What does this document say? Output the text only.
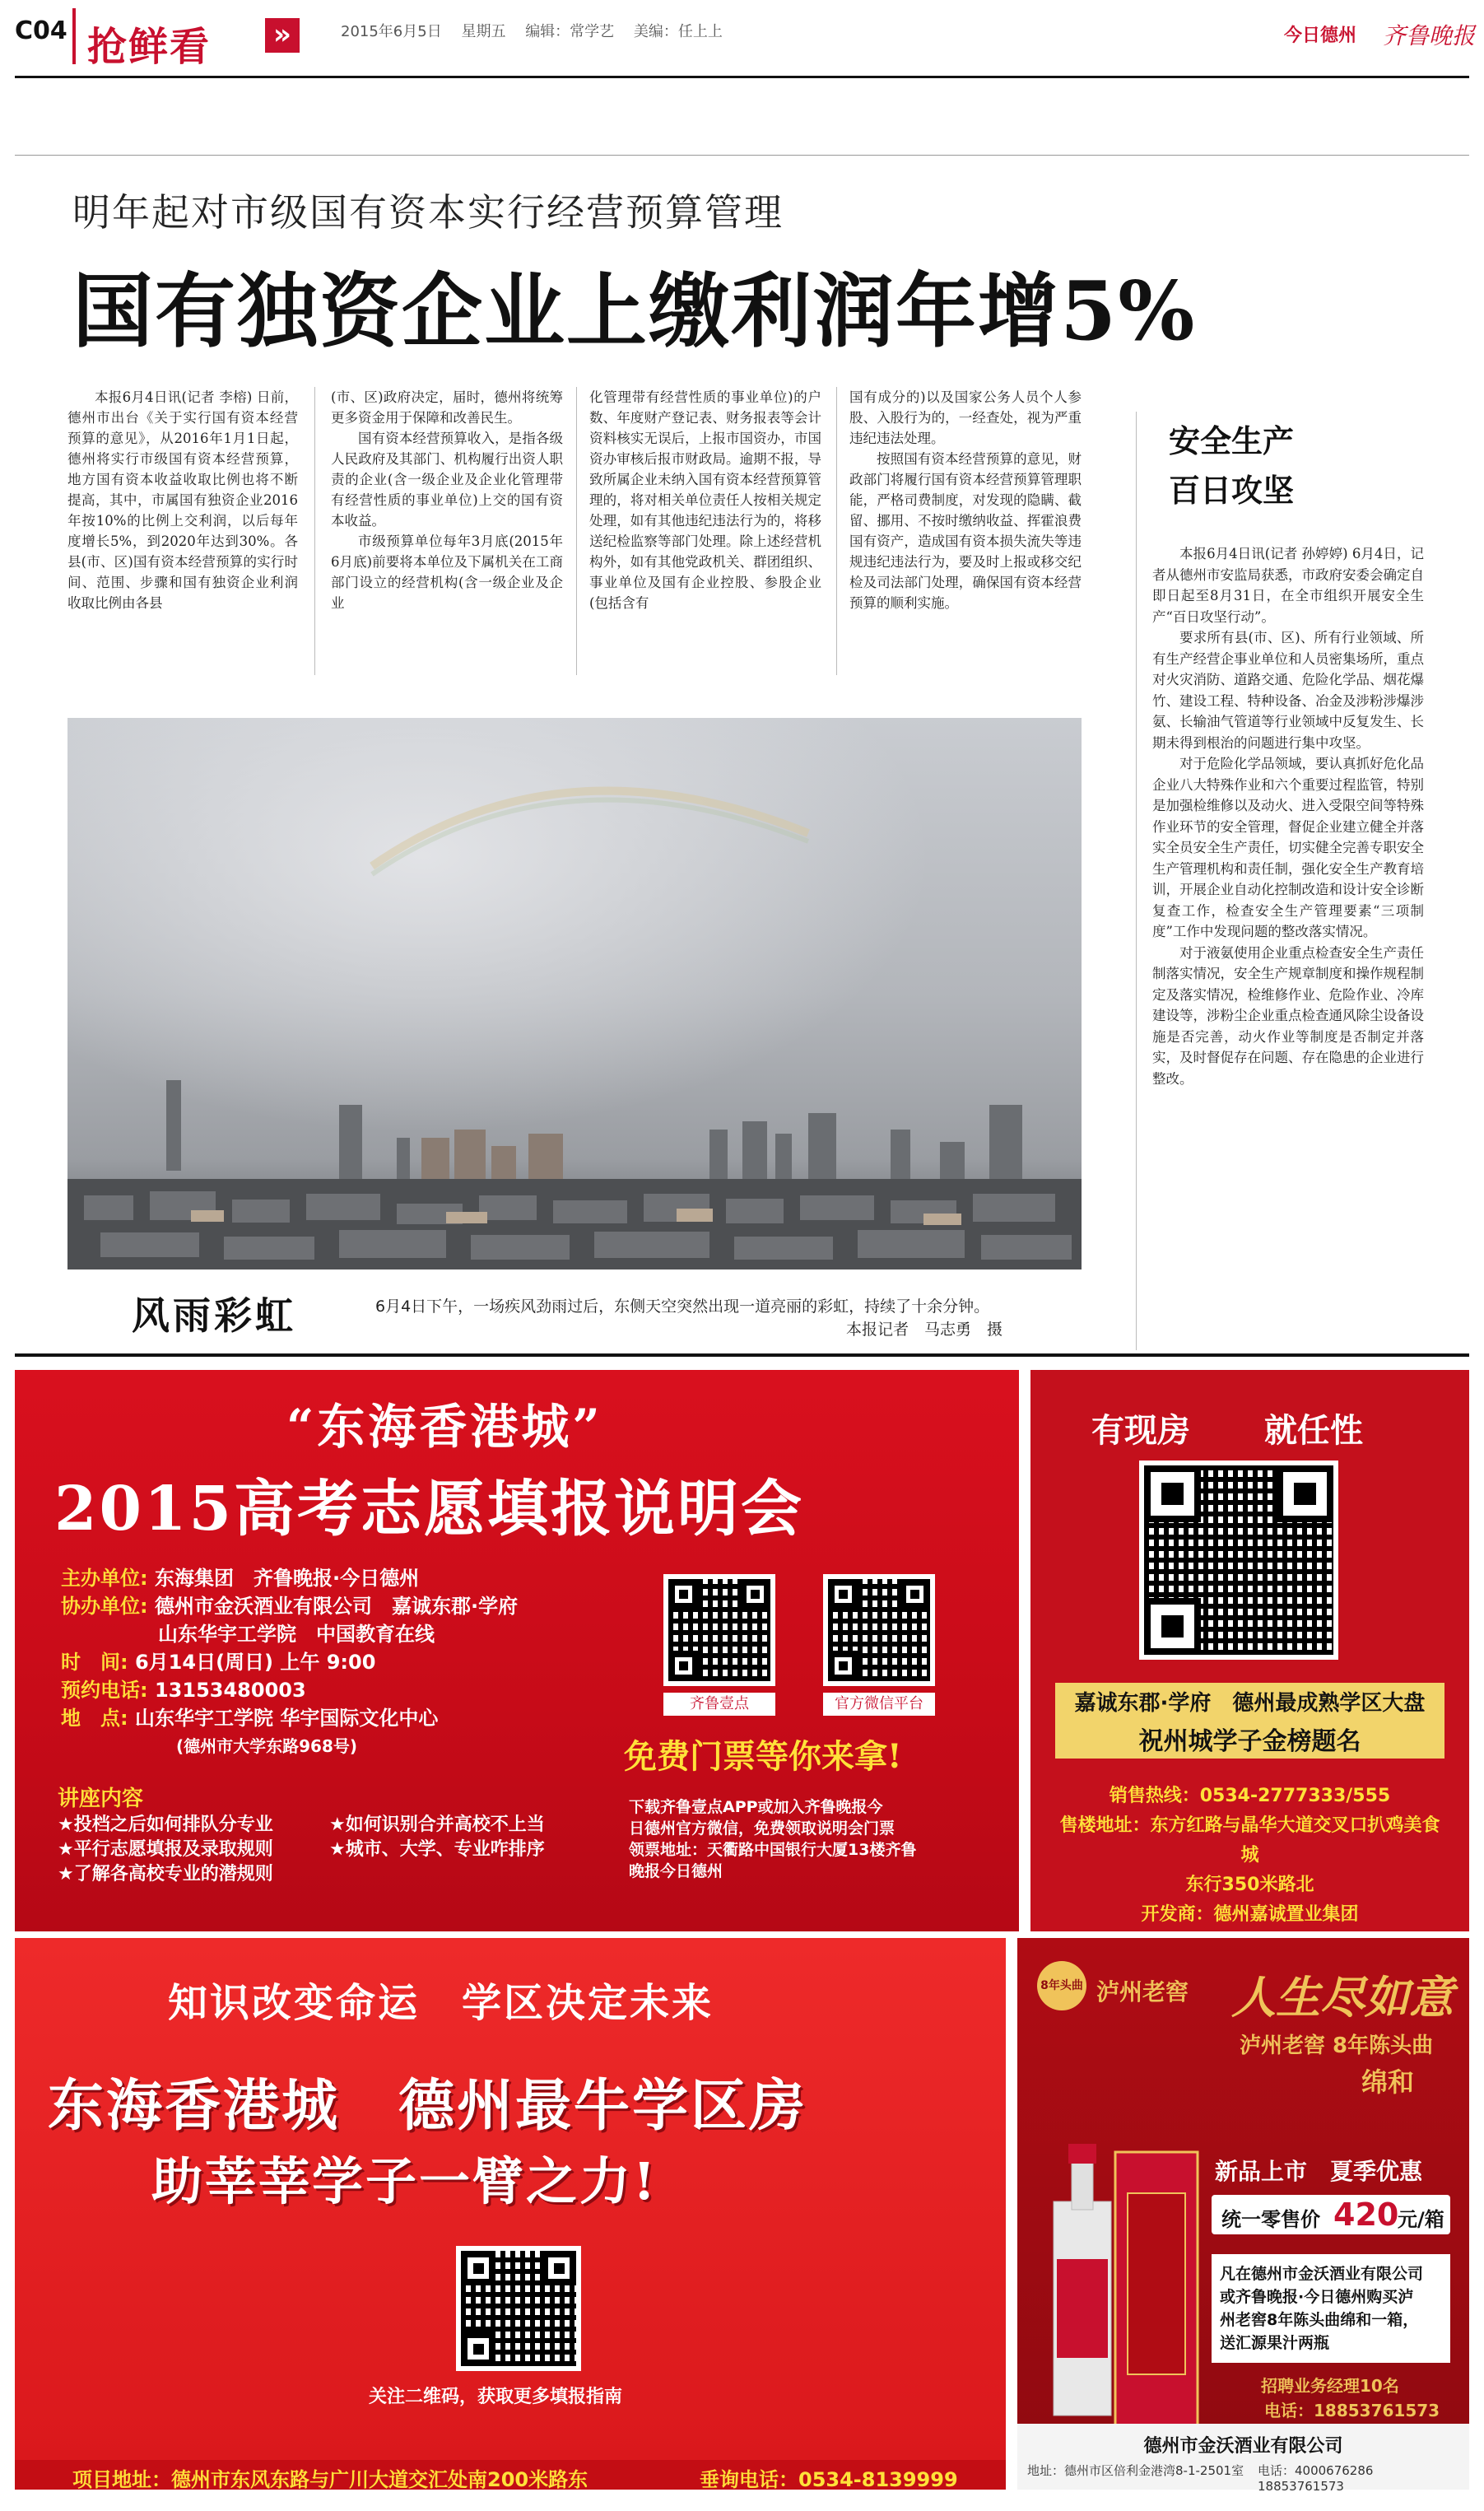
C04 抢鲜看 »	2015年6月5日 星期五 编辑：常学艺 美编：任上上	今日德州 齐鲁晚报
明年起对市级国有资本实行经营预算管理
国有独资企业上缴利润年增5%

本报6月4日讯(记者 李榕) 日前，德州市出台《关于实行国有资本经营预算的意见》，从2016年1月1日起，德州将实行市级国有资本经营预算，地方国有资本收益收取比例也将不断提高，其中，市属国有独资企业2016年按10%的比例上交利润，以后每年度增长5%，到2020年达到30%。各县(市、区)国有资本经营预算的实行时间、范围、步骤和国有独资企业利润收取比例由各县

(市、区)政府决定，届时，德州将统筹更多资金用于保障和改善民生。

国有资本经营预算收入，是指各级人民政府及其部门、机构履行出资人职责的企业(含一级企业及企业化管理带有经营性质的事业单位)上交的国有资本收益。

市级预算单位每年3月底(2015年6月底)前要将本单位及下属机关在工商部门设立的经营机构(含一级企业及企业

化管理带有经营性质的事业单位)的户数、年度财产登记表、财务报表等会计资料核实无误后，上报市国资办，市国资办审核后报市财政局。逾期不报，导致所属企业未纳入国有资本经营预算管理的，将对相关单位责任人按相关规定处理，如有其他违纪违法行为的，将移送纪检监察等部门处理。除上述经营机构外，如有其他党政机关、群团组织、事业单位及国有企业控股、参股企业(包括含有

国有成分的)以及国家公务人员个人参股、入股行为的，一经查处，视为严重违纪违法处理。

按照国有资本经营预算的意见，财政部门将履行国有资本经营预算管理职能，严格司费制度，对发现的隐瞒、截留、挪用、不按时缴纳收益、挥霍浪费国有资产，造成国有资本损失流失等违规违纪违法行为，要及时上报或移交纪检及司法部门处理，确保国有资本经营预算的顺利实施。

安全生产
百日攻坚

本报6月4日讯(记者 孙婷婷) 6月4日，记者从德州市安监局获悉，市政府安委会确定自即日起至8月31日，在全市组织开展安全生产“百日攻坚行动”。

要求所有县(市、区)、所有行业领域、所有生产经营企事业单位和人员密集场所，重点对火灾消防、道路交通、危险化学品、烟花爆竹、建设工程、特种设备、冶金及涉粉涉爆涉氨、长输油气管道等行业领域中反复发生、长期未得到根治的问题进行集中攻坚。

对于危险化学品领域，要认真抓好危化品企业八大特殊作业和六个重要过程监管，特别是加强检维修以及动火、进入受限空间等特殊作业环节的安全管理，督促企业建立健全并落实全员安全生产责任，切实健全完善专职安全生产管理机构和责任制，强化安全生产教育培训，开展企业自动化控制改造和设计安全诊断复查工作，检查安全生产管理要素“三项制度”工作中发现问题的整改落实情况。

对于液氨使用企业重点检查安全生产责任制落实情况，安全生产规章制度和操作规程制定及落实情况，检维修作业、危险作业、冷库建设等，涉粉尘企业重点检查通风除尘设备设施是否完善，动火作业等制度是否制定并落实，及时督促存在问题、存在隐患的企业进行整改。

风雨彩虹	6月4日下午，一场疾风劲雨过后，东侧天空突然出现一道亮丽的彩虹，持续了十余分钟。
本报记者　马志勇　摄
“东海香港城”
2015高考志愿填报说明会
主办单位: 东海集团　齐鲁晚报·今日德州
协办单位: 德州市金沃酒业有限公司　嘉诚东郡·学府
山东华宇工学院　中国教育在线
时　间: 6月14日(周日) 上午 9:00
预约电话: 13153480003
地　点: 山东华宇工学院 华宇国际文化中心
(德州市大学东路968号)
讲座内容
★投档之后如何排队分专业	★如何识别合并高校不上当 ★平行志愿填报及录取规则	★城市、大学、专业咋排序 ★了解各高校专业的潜规则
齐鲁壹点	官方微信平台
免费门票等你来拿!
下载齐鲁壹点APP或加入齐鲁晚报今
日德州官方微信，免费领取说明会门票
领票地址：天衢路中国银行大厦13楼齐鲁
晚报今日德州
有现房 就任性
嘉诚东郡·学府　德州最成熟学区大盘
祝州城学子金榜题名
销售热线：0534-2777333/555
售楼地址：东方红路与晶华大道交叉口扒鸡美食城
东行350米路北
开发商：德州嘉诚置业集团
知识改变命运　学区决定未来
东海香港城　德州最牛学区房
助莘莘学子一臂之力!
关注二维码，获取更多填报指南
项目地址：德州市东风东路与广川大道交汇处南200米路东	垂询电话：0534-8139999
8年头曲 泸州老窖 人生尽如意
泸州老窖 8年陈头曲
绵和
新品上市　夏季优惠
统一零售价 420
元/箱
凡在德州市金沃酒业有限公司
或齐鲁晚报·今日德州购买泸
州老窖8年陈头曲绵和一箱，
送汇源果汁两瓶
招聘业务经理10名
电话：18853761573
德州市金沃酒业有限公司
地址：德州市区倍利金港湾8-1-2501室 电话：4000676286　18853761573
